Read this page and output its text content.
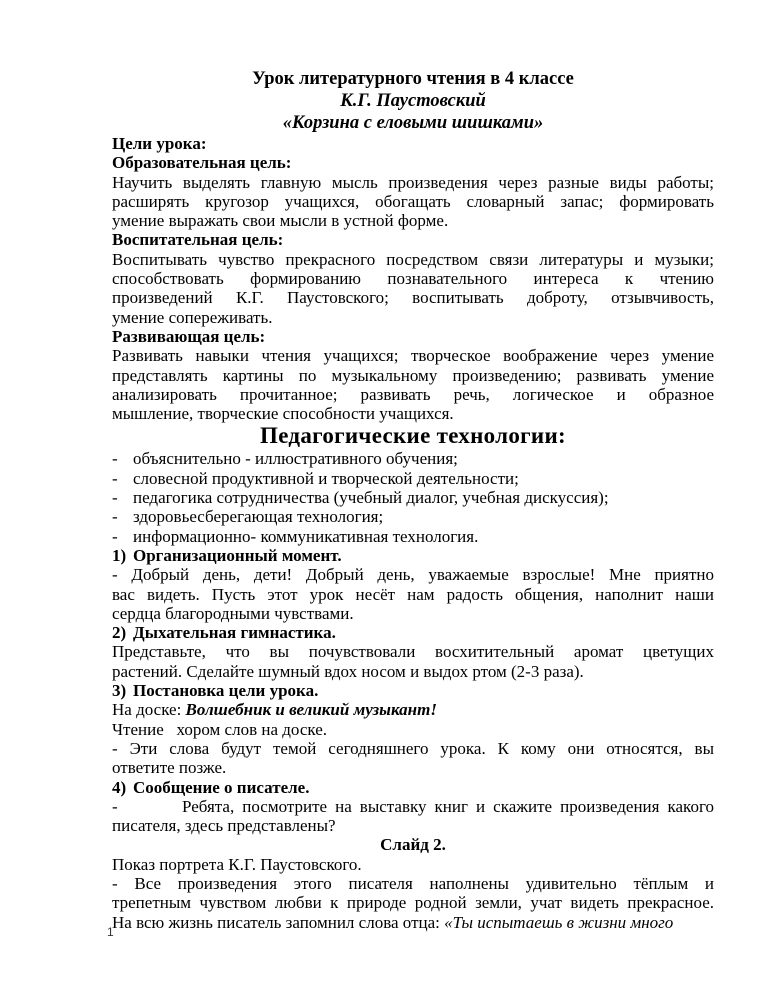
Урок литературного чтения в 4 классе
К.Г. Паустовский
«Корзина с еловыми шишками»
Цели урока:
Образовательная цель:
Научить выделять главную мысль произведения через разные виды работы;
расширять кругозор учащихся, обогащать словарный запас; формировать
умение выражать свои мысли в устной форме.
Воспитательная цель:
Воспитывать чувство прекрасного посредством связи литературы и музыки;
способствовать формированию познавательного интереса к чтению
произведений К.Г. Паустовского; воспитывать доброту, отзывчивость,
умение сопереживать.
Развивающая цель:
Развивать навыки чтения учащихся; творческое воображение через умение
представлять картины по музыкальному произведению; развивать умение
анализировать прочитанное; развивать речь, логическое и образное
мышление, творческие способности учащихся.
Педагогические технологии:
- объяснительно - иллюстративного обучения;
- словесной продуктивной и творческой деятельности;
- педагогика сотрудничества (учебный диалог, учебная дискуссия);
- здоровьесберегающая технология;
- информационно- коммуникативная технология.
1) Организационный момент.
- Добрый день, дети! Добрый день, уважаемые взрослые! Мне приятно
вас видеть. Пусть этот урок несёт нам радость общения, наполнит наши
сердца благородными чувствами.
2) Дыхательная гимнастика.
Представьте, что вы почувствовали восхитительный аромат цветущих
растений. Сделайте шумный вдох носом и выдох ртом (2-3 раза).
3) Постановка цели урока.
На доске: Волшебник и великий музыкант!
Чтение   хором слов на доске.
- Эти слова будут темой сегодняшнего урока. К кому они относятся, вы
ответите позже.
4) Сообщение о писателе.
-        Ребята, посмотрите на выставку книг и скажите произведения какого
писателя, здесь представлены?
Слайд 2.
Показ портрета К.Г. Паустовского.
- Все произведения этого писателя наполнены удивительно тёплым и
трепетным чувством любви к природе родной земли, учат видеть прекрасное.
На всю жизнь писатель запомнил слова отца: «Ты испытаешь в жизни много
1
